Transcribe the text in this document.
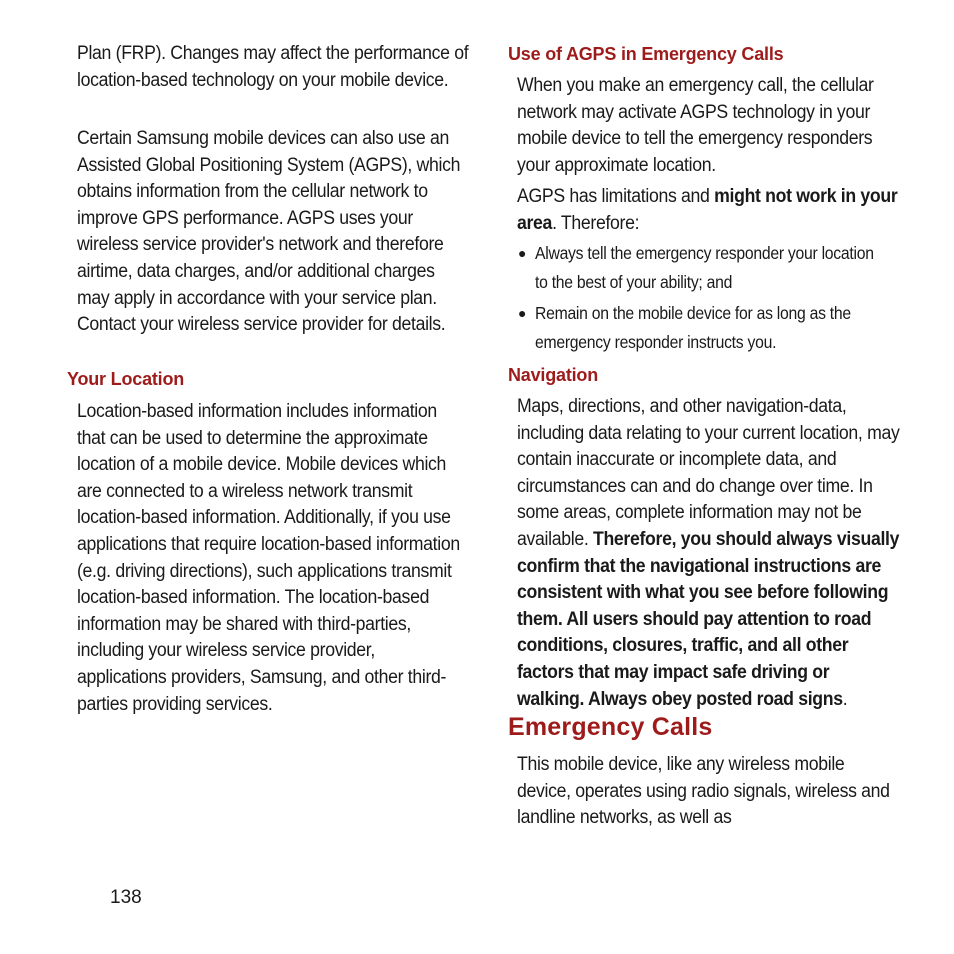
Plan (FRP). Changes may affect the performance of location-based technology on your mobile device.

Certain Samsung mobile devices can also use an Assisted Global Positioning System (AGPS), which obtains information from the cellular network to improve GPS performance. AGPS uses your wireless service provider's network and therefore airtime, data charges, and/or additional charges may apply in accordance with your service plan. Contact your wireless service provider for details.

Your Location

Location-based information includes information that can be used to determine the approximate location of a mobile device. Mobile devices which are connected to a wireless network transmit location-based information. Additionally, if you use applications that require location-based information (e.g. driving directions), such applications transmit location-based information. The location-based information may be shared with third-parties, including your wireless service provider, applications providers, Samsung, and other third-parties providing services.

Use of AGPS in Emergency Calls

When you make an emergency call, the cellular network may activate AGPS technology in your mobile device to tell the emergency responders your approximate location.

AGPS has limitations and might not work in your area. Therefore:

● Always tell the emergency responder your location to the best of your ability; and
● Remain on the mobile device for as long as the emergency responder instructs you.
Navigation

Maps, directions, and other navigation-data, including data relating to your current location, may contain inaccurate or incomplete data, and circumstances can and do change over time. In some areas, complete information may not be available. Therefore, you should always visually confirm that the navigational instructions are consistent with what you see before following them. All users should pay attention to road conditions, closures, traffic, and all other factors that may impact safe driving or walking. Always obey posted road signs.

Emergency Calls

This mobile device, like any wireless mobile device, operates using radio signals, wireless and landline networks, as well as

138
